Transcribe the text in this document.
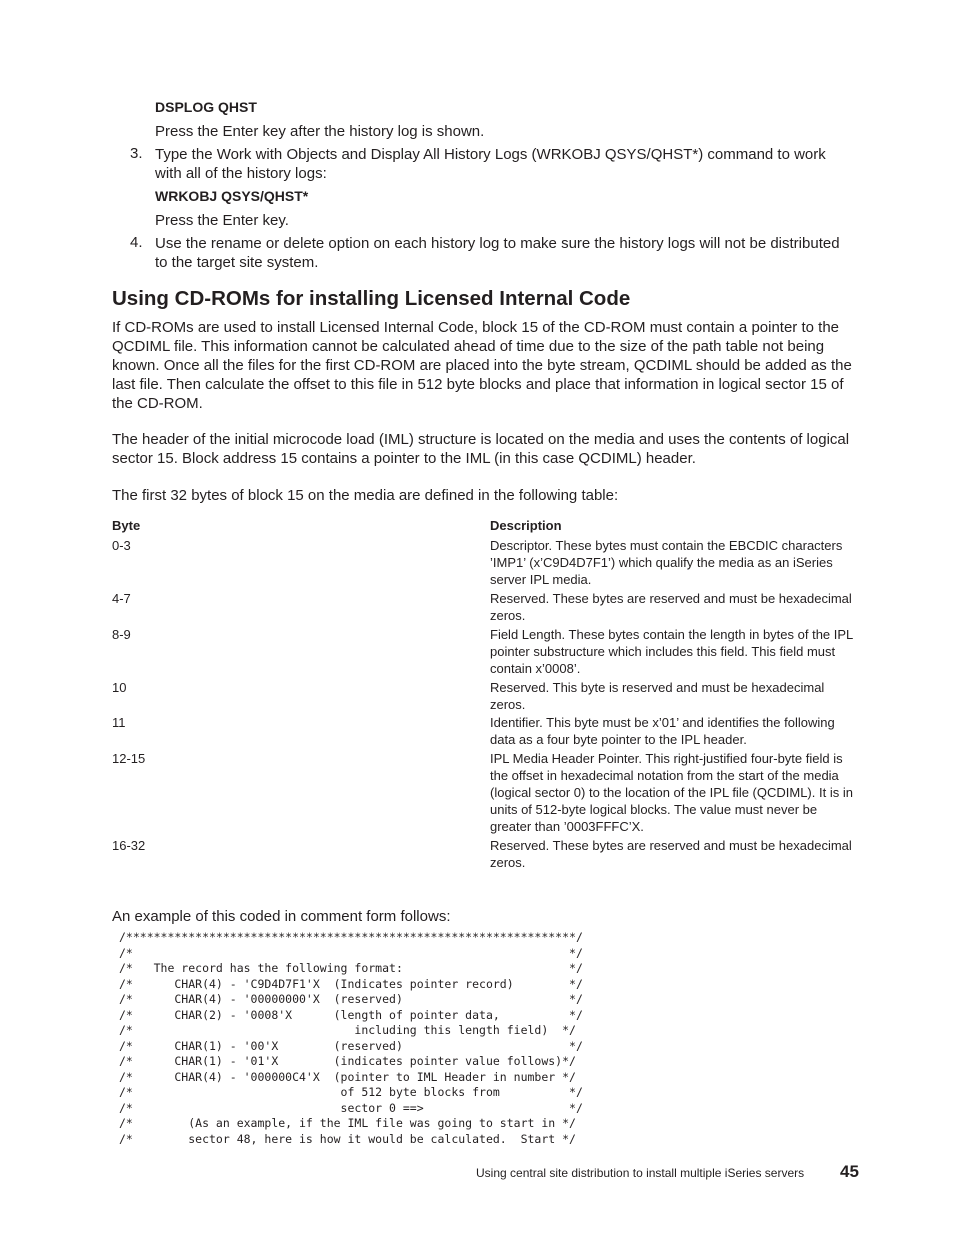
DSPLOG QHST
Press the Enter key after the history log is shown.
3. Type the Work with Objects and Display All History Logs (WRKOBJ QSYS/QHST*) command to work with all of the history logs:
WRKOBJ QSYS/QHST*
Press the Enter key.
4. Use the rename or delete option on each history log to make sure the history logs will not be distributed to the target site system.
Using CD-ROMs for installing Licensed Internal Code
If CD-ROMs are used to install Licensed Internal Code, block 15 of the CD-ROM must contain a pointer to the QCDIML file. This information cannot be calculated ahead of time due to the size of the path table not being known. Once all the files for the first CD-ROM are placed into the byte stream, QCDIML should be added as the last file. Then calculate the offset to this file in 512 byte blocks and place that information in logical sector 15 of the CD-ROM.
The header of the initial microcode load (IML) structure is located on the media and uses the contents of logical sector 15. Block address 15 contains a pointer to the IML (in this case QCDIML) header.
The first 32 bytes of block 15 on the media are defined in the following table:
Byte	Description
0-3	Descriptor. These bytes must contain the EBCDIC characters ’IMP1’ (x’C9D4D7F1’) which qualify the media as an iSeries server IPL media.
4-7	Reserved. These bytes are reserved and must be hexadecimal zeros.
8-9	Field Length. These bytes contain the length in bytes of the IPL pointer substructure which includes this field. This field must contain x’0008’.
10	Reserved. This byte is reserved and must be hexadecimal zeros.
11	Identifier. This byte must be x’01’ and identifies the following data as a four byte pointer to the IPL header.
12-15	IPL Media Header Pointer. This right-justified four-byte field is the offset in hexadecimal notation from the start of the media (logical sector 0) to the location of the IPL file (QCDIML). It is in units of 512-byte logical blocks. The value must never be greater than ’0003FFFC’X.
16-32	Reserved. These bytes are reserved and must be hexadecimal zeros.
An example of this coded in comment form follows:
/*****************************************************************/
/*                                                               */
/*   The record has the following format:                        */
/*      CHAR(4) - 'C9D4D7F1'X  (Indicates pointer record)        */
/*      CHAR(4) - '00000000'X  (reserved)                        */
/*      CHAR(2) - '0008'X      (length of pointer data,          */
/*                                including this length field)  */
/*      CHAR(1) - '00'X        (reserved)                        */
/*      CHAR(1) - '01'X        (indicates pointer value follows)*/
/*      CHAR(4) - '000000C4'X  (pointer to IML Header in number */
/*                              of 512 byte blocks from          */
/*                              sector 0 ==>                     */
/*        (As an example, if the IML file was going to start in */
/*        sector 48, here is how it would be calculated.  Start */
Using central site distribution to install multiple iSeries servers 45
